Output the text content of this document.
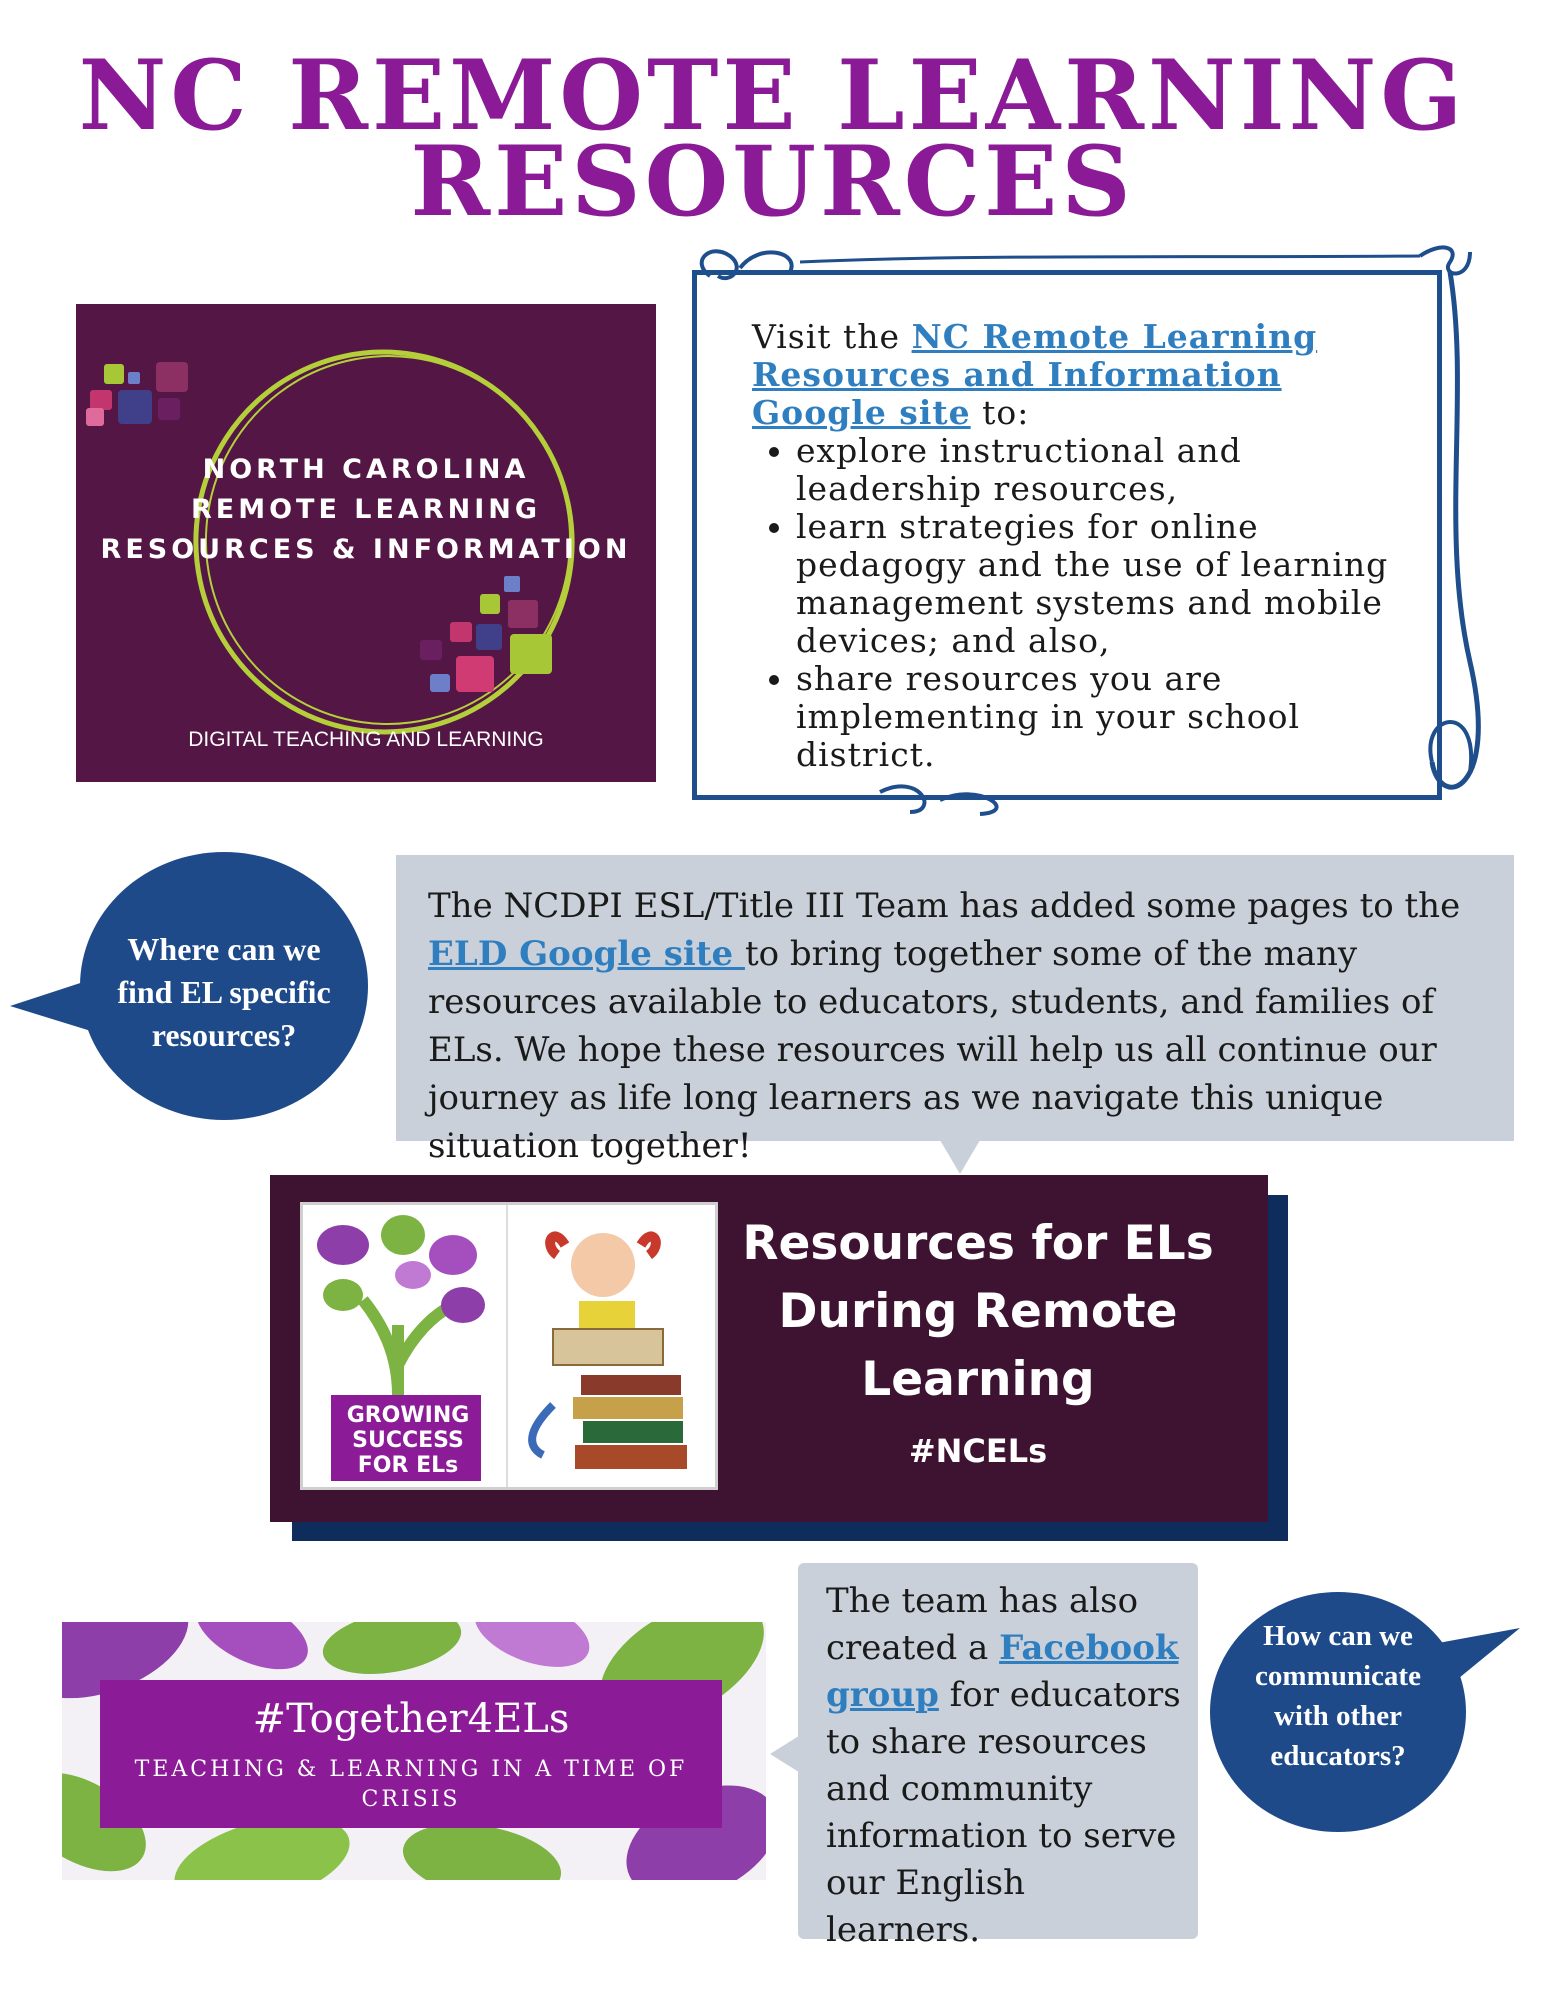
NC REMOTE LEARNING
RESOURCES
NORTH CAROLINA
REMOTE LEARNING
RESOURCES & INFORMATION
DIGITAL TEACHING AND LEARNING
Visit the NC Remote Learning Resources and Information Google site to:
• explore instructional and leadership resources,
• learn strategies for online pedagogy and the use of learning management systems and mobile devices; and also,
• share resources you are implementing in your school district.
Where can we find EL specific resources?
The NCDPI ESL/Title III Team has added some pages to the ELD Google site to bring together some of the many resources available to educators, students, and families of ELs. We hope these resources will help us all continue our journey as life long learners as we navigate this unique situation together!
GROWING SUCCESS FOR ELs
Resources for ELs During Remote Learning
#NCELs
#Together4ELs
TEACHING & LEARNING IN A TIME OF CRISIS
The team has also created a Facebook group for educators to share resources and community information to serve our English learners.
How can we communicate with other educators?
